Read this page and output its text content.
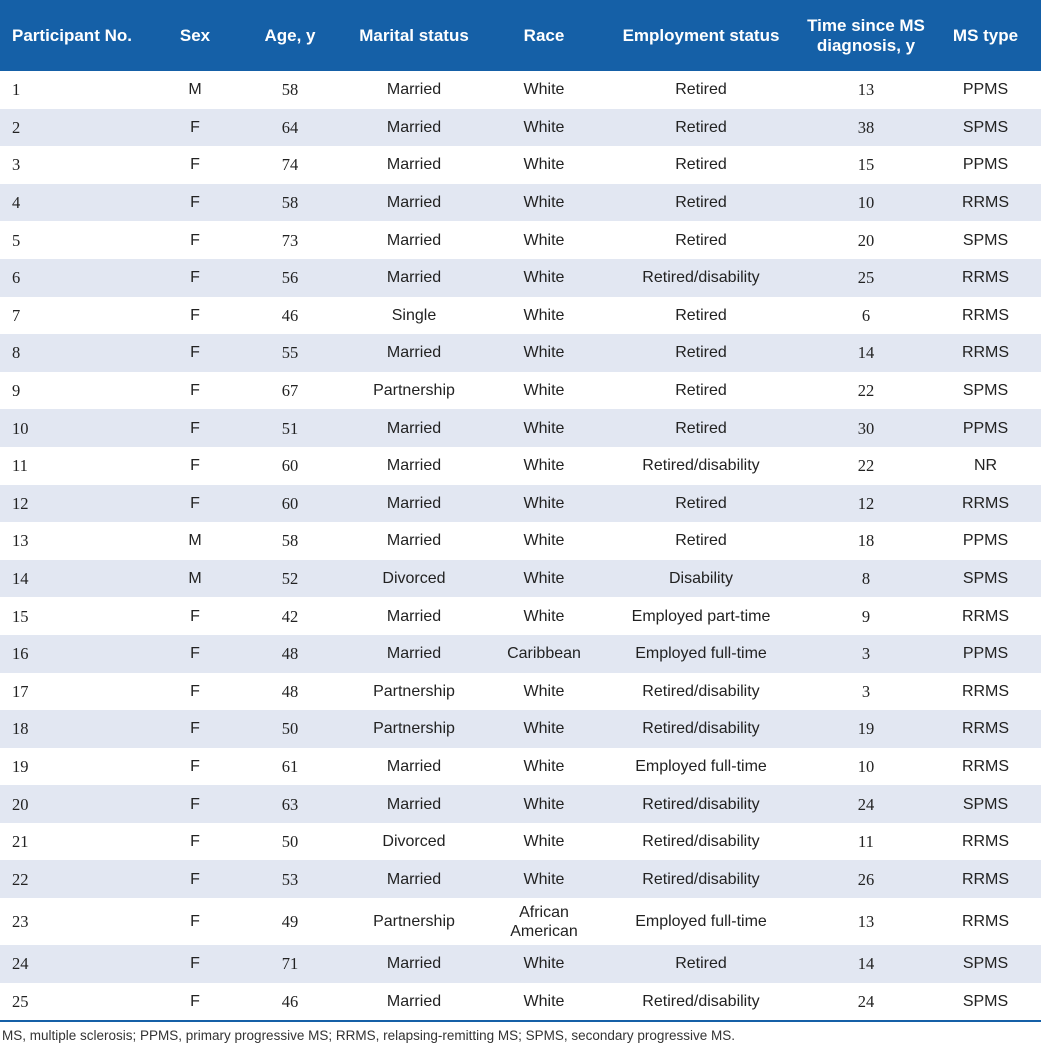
Participant No.	Sex	Age, y	Marital status	Race	Employment status	Time since MS diagnosis, y	MS type
1	M	58	Married	White	Retired	13	PPMS
2	F	64	Married	White	Retired	38	SPMS
3	F	74	Married	White	Retired	15	PPMS
4	F	58	Married	White	Retired	10	RRMS
5	F	73	Married	White	Retired	20	SPMS
6	F	56	Married	White	Retired/disability	25	RRMS
7	F	46	Single	White	Retired	6	RRMS
8	F	55	Married	White	Retired	14	RRMS
9	F	67	Partnership	White	Retired	22	SPMS
10	F	51	Married	White	Retired	30	PPMS
11	F	60	Married	White	Retired/disability	22	NR
12	F	60	Married	White	Retired	12	RRMS
13	M	58	Married	White	Retired	18	PPMS
14	M	52	Divorced	White	Disability	8	SPMS
15	F	42	Married	White	Employed part-time	9	RRMS
16	F	48	Married	Caribbean	Employed full-time	3	PPMS
17	F	48	Partnership	White	Retired/disability	3	RRMS
18	F	50	Partnership	White	Retired/disability	19	RRMS
19	F	61	Married	White	Employed full-time	10	RRMS
20	F	63	Married	White	Retired/disability	24	SPMS
21	F	50	Divorced	White	Retired/disability	11	RRMS
22	F	53	Married	White	Retired/disability	26	RRMS
23	F	49	Partnership	African American	Employed full-time	13	RRMS
24	F	71	Married	White	Retired	14	SPMS
25	F	46	Married	White	Retired/disability	24	SPMS
MS, multiple sclerosis; PPMS, primary progressive MS; RRMS, relapsing-remitting MS; SPMS, secondary progressive MS.
